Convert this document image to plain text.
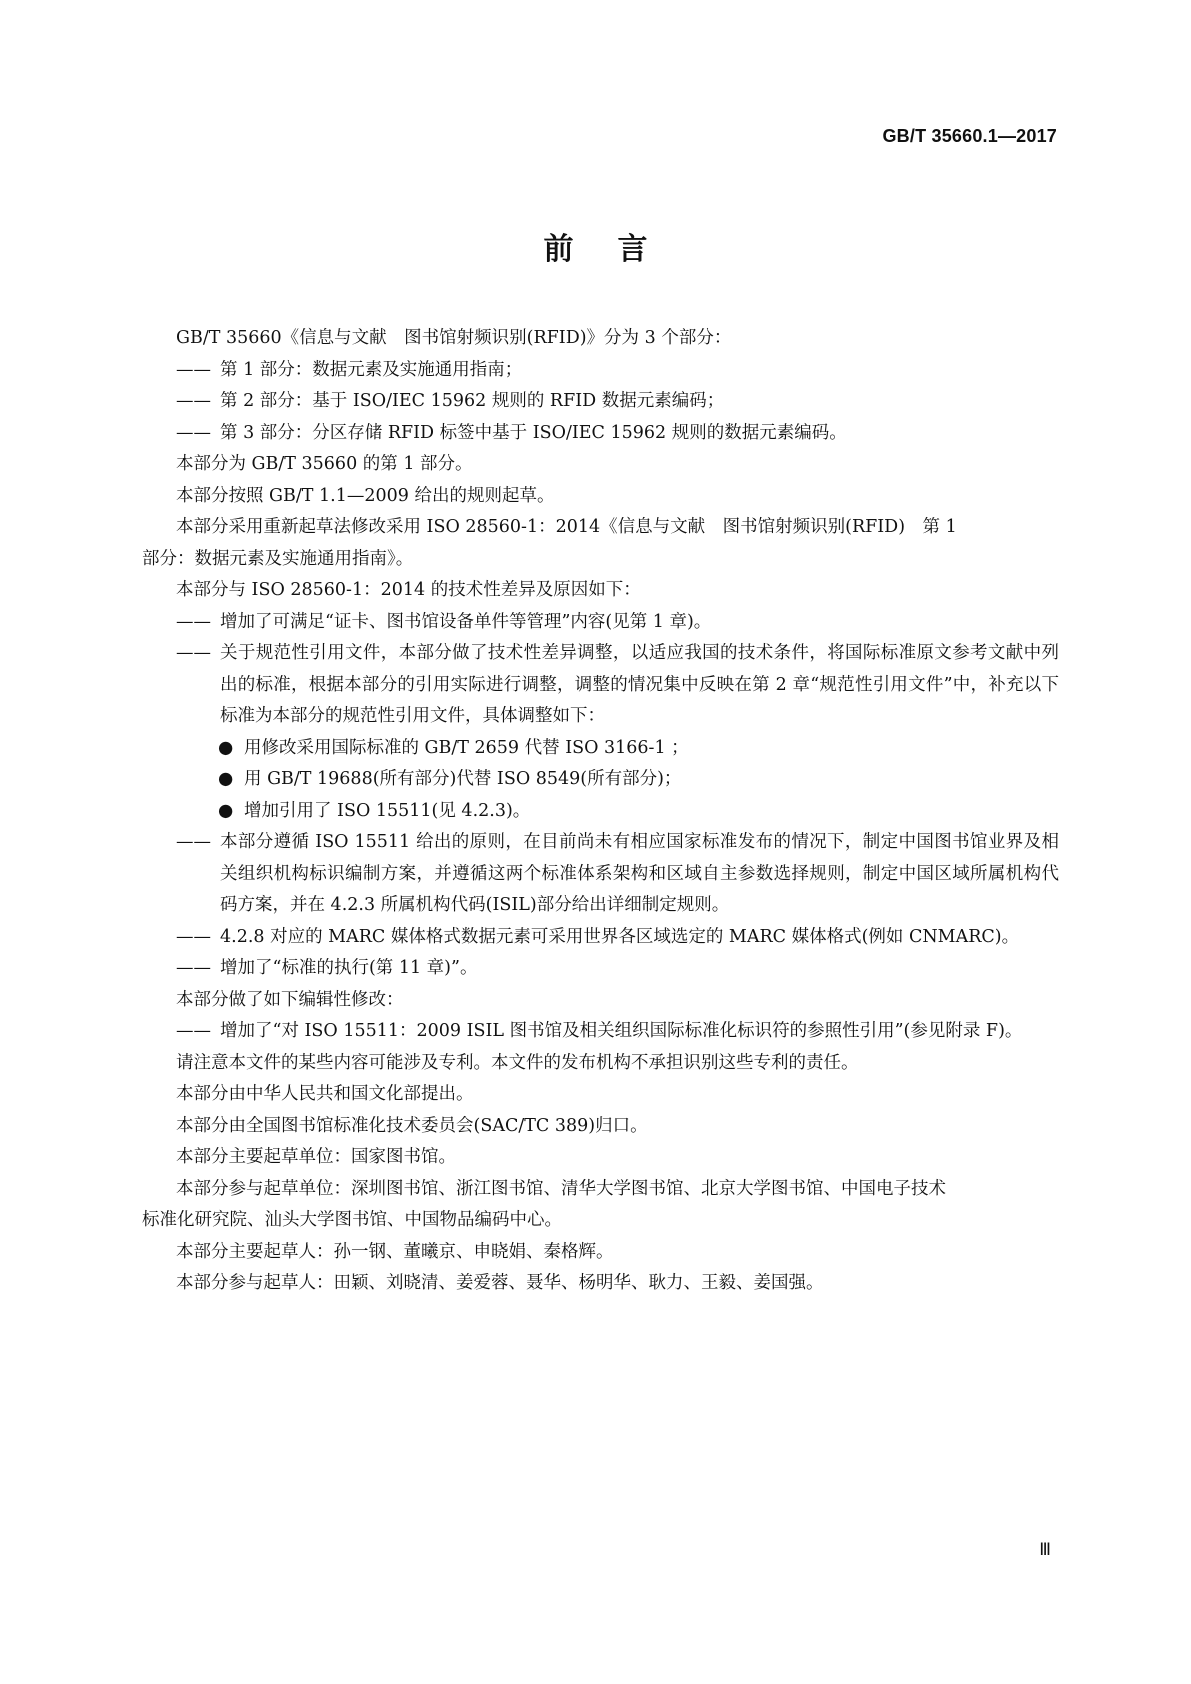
GB/T 35660.1—2017
前言
GB/T 35660《信息与文献　图书馆射频识别(RFID)》分为 3 个部分：
—— 第 1 部分：数据元素及实施通用指南；
—— 第 2 部分：基于 ISO/IEC 15962 规则的 RFID 数据元素编码；
—— 第 3 部分：分区存储 RFID 标签中基于 ISO/IEC 15962 规则的数据元素编码。
本部分为 GB/T 35660 的第 1 部分。
本部分按照 GB/T 1.1—2009 给出的规则起草。
本部分采用重新起草法修改采用 ISO 28560-1：2014《信息与文献　图书馆射频识别(RFID)　第 1
部分：数据元素及实施通用指南》。
本部分与 ISO 28560-1：2014 的技术性差异及原因如下：
—— 增加了可满足“证卡、图书馆设备单件等管理”内容(见第 1 章)。
—— 关于规范性引用文件，本部分做了技术性差异调整，以适应我国的技术条件，将国际标准原文参考文献中列出的标准，根据本部分的引用实际进行调整，调整的情况集中反映在第 2 章“规范性引用文件”中，补充以下标准为本部分的规范性引用文件，具体调整如下：
● 用修改采用国际标准的 GB/T 2659 代替 ISO 3166-1 ；
● 用 GB/T 19688(所有部分)代替 ISO 8549(所有部分)；
● 增加引用了 ISO 15511(见 4.2.3)。
—— 本部分遵循 ISO 15511 给出的原则，在目前尚未有相应国家标准发布的情况下，制定中国图书馆业界及相关组织机构标识编制方案，并遵循这两个标准体系架构和区域自主参数选择规则，制定中国区域所属机构代码方案，并在 4.2.3 所属机构代码(ISIL)部分给出详细制定规则。
—— 4.2.8 对应的 MARC 媒体格式数据元素可采用世界各区域选定的 MARC 媒体格式(例如 CNMARC)。
—— 增加了“标准的执行(第 11 章)”。
本部分做了如下编辑性修改：
—— 增加了“对 ISO 15511：2009 ISIL 图书馆及相关组织国际标准化标识符的参照性引用”(参见附录 F)。
请注意本文件的某些内容可能涉及专利。本文件的发布机构不承担识别这些专利的责任。
本部分由中华人民共和国文化部提出。
本部分由全国图书馆标准化技术委员会(SAC/TC 389)归口。
本部分主要起草单位：国家图书馆。
本部分参与起草单位：深圳图书馆、浙江图书馆、清华大学图书馆、北京大学图书馆、中国电子技术
标准化研究院、汕头大学图书馆、中国物品编码中心。
本部分主要起草人：孙一钢、董曦京、申晓娟、秦格辉。
本部分参与起草人：田颖、刘晓清、姜爱蓉、聂华、杨明华、耿力、王毅、姜国强。
Ⅲ
